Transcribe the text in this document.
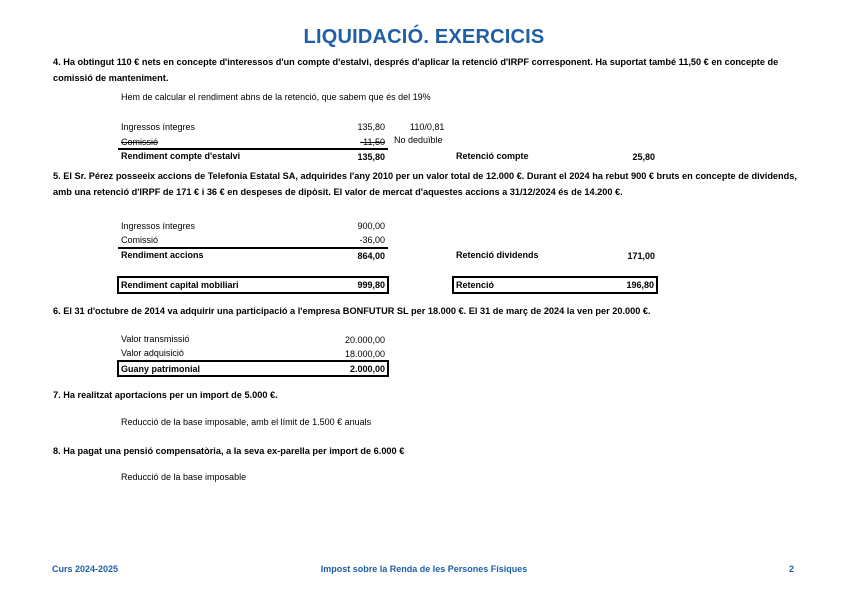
LIQUIDACIÓ. EXERCICIS
4. Ha obtingut 110 € nets en concepte d'interessos d'un compte d'estalvi, després d'aplicar la retenció d'IRPF corresponent. Ha suportat també 11,50 € en concepte de comissió de manteniment.
Hem de calcular el rendiment abns de la retenció, que sabem que és del 19%
Ingressos íntegres	135,80	110/0,81
Comissió	-11,50 No deduïble
Rendiment compte d'estalvi	135,80	Retenció compte	25,80
5. El Sr. Pérez posseeix accions de Telefonia Estatal SA, adquirides l'any 2010 per un valor total de 12.000 €. Durant el 2024 ha rebut 900 € bruts en concepte de dividends, amb una retenció d'IRPF de 171 € i 36 € en despeses de dipòsit. El valor de mercat d'aquestes accions a 31/12/2024 és de 14.200 €.
Ingressos íntegres	900,00
Comissió	-36,00
Rendiment accions	864,00	Retenció dividends	171,00
Rendiment capital mobiliari	999,80	Retenció	196,80
6. El 31 d'octubre de 2014 va adquirir una participació a l'empresa BONFUTUR SL per 18.000 €. El 31 de març de 2024 la ven per 20.000 €.
Valor transmissió	20.000,00
Valor adquisició	18.000,00
Guany patrimonial	2.000,00
7. Ha realitzat aportacions per un import de 5.000 €.
Reducció de la base imposable, amb el límit de 1.500 € anuals
8. Ha pagat una pensió compensatòria, a la seva ex-parella per import de 6.000 €
Reducció de la base imposable
Curs 2024-2025	Impost sobre la Renda de les Persones Físiques	2
